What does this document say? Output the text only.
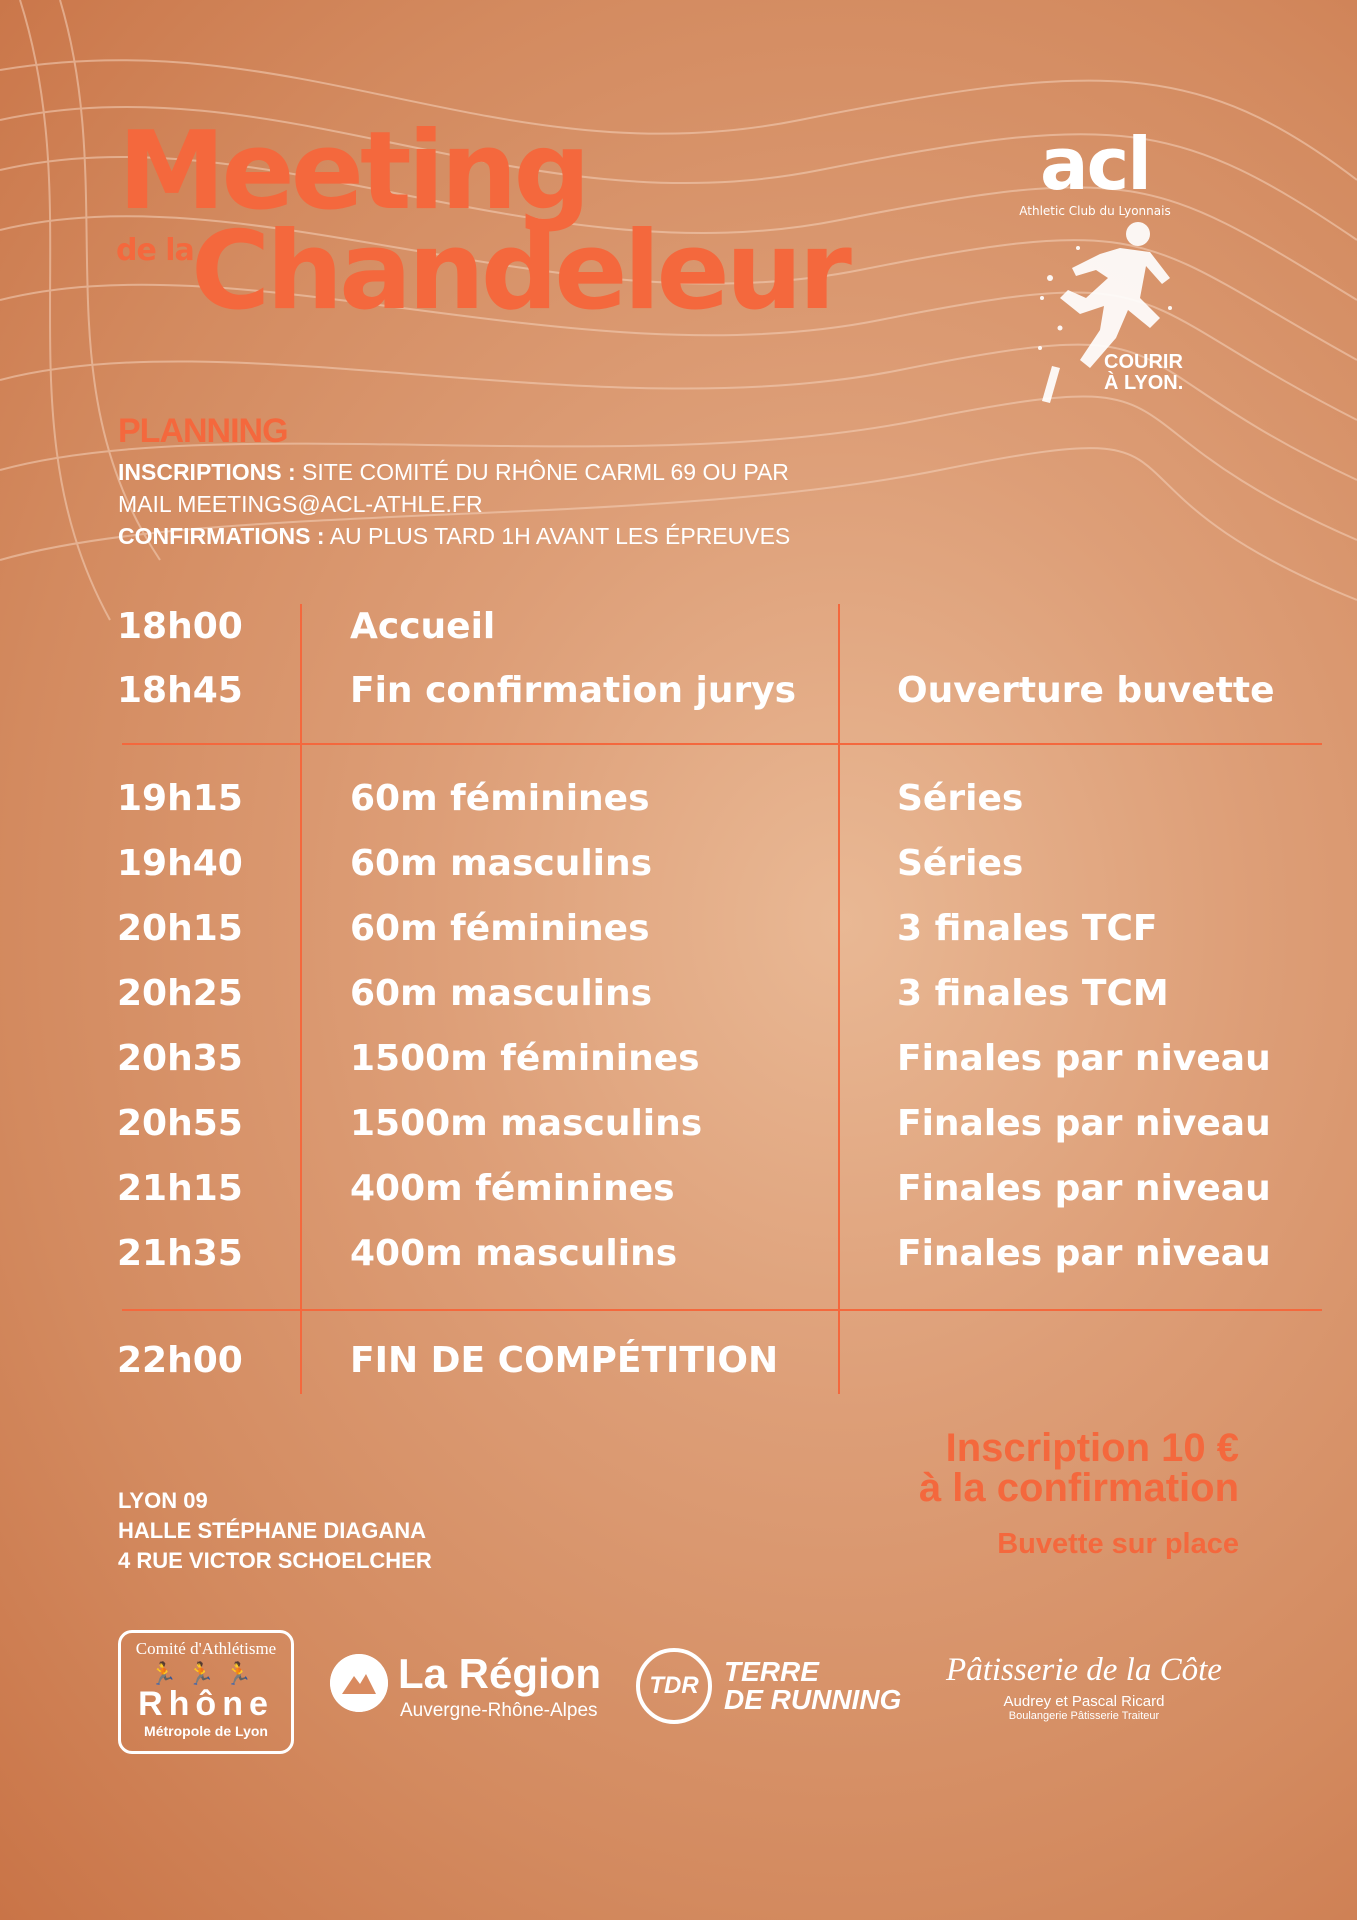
Meeting
de la
Chandeleur
acl
Athletic Club du Lyonnais
COURIR
À LYON.
PLANNING
INSCRIPTIONS : SITE COMITÉ DU RHÔNE CARML 69 OU PAR
MAIL MEETINGS@ACL-ATHLE.FR
CONFIRMATIONS : AU PLUS TARD 1H AVANT LES ÉPREUVES
18h00	Accueil
18h45	Fin confirmation jurys	Ouverture buvette
19h15	60m féminines	Séries
19h40	60m masculins	Séries
20h15	60m féminines	3 finales TCF
20h25	60m masculins	3 finales TCM
20h35	1500m féminines	Finales par niveau
20h55	1500m masculins	Finales par niveau
21h15	400m féminines	Finales par niveau
21h35	400m masculins	Finales par niveau
22h00	FIN DE COMPÉTITION
LYON 09
HALLE STÉPHANE DIAGANA
4 RUE VICTOR SCHOELCHER
Inscription 10 €
à la confirmation
Buvette sur place
Comité d'Athlétisme
🏃🏃🏃
Rhône
Métropole de Lyon
La Région
Auvergne-Rhône-Alpes
TDR TERRE
DE RUNNING
Pâtisserie de la Côte
Audrey et Pascal Ricard
Boulangerie Pâtisserie Traiteur
